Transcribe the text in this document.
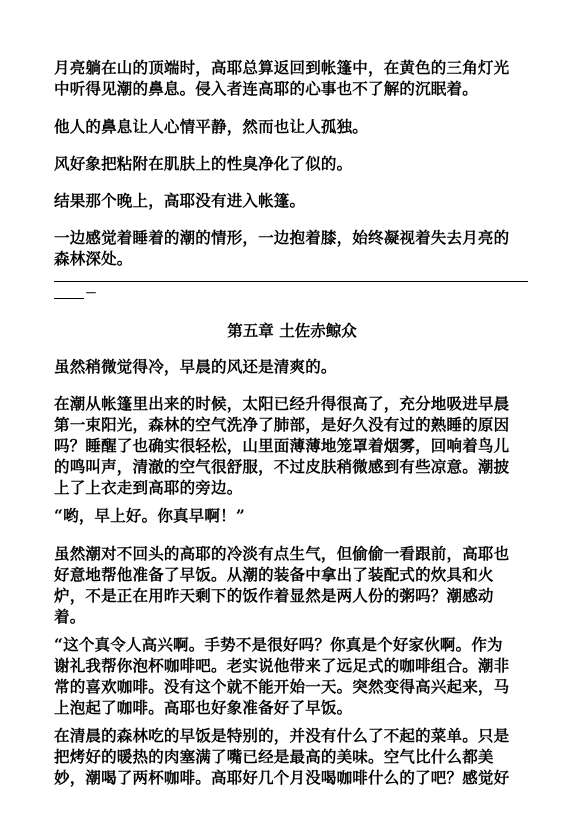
月亮躺在山的顶端时，高耶总算返回到帐篷中，在黄色的三角灯光
中听得见潮的鼻息。侵入者连高耶的心事也不了解的沉眠着。

他人的鼻息让人心情平静，然而也让人孤独。

风好象把粘附在肌肤上的性臭净化了似的。

结果那个晚上，高耶没有进入帐篷。

一边感觉着睡着的潮的情形，一边抱着膝，始终凝视着失去月亮的
森林深处。

－

第五章 土佐赤鲸众

虽然稍微觉得冷，早晨的风还是清爽的。

在潮从帐篷里出来的时候，太阳已经升得很高了，充分地吸进早晨
第一束阳光，森林的空气洗净了肺部，是好久没有过的熟睡的原因
吗？睡醒了也确实很轻松，山里面薄薄地笼罩着烟雾，回响着鸟儿
的鸣叫声，清澈的空气很舒服，不过皮肤稍微感到有些凉意。潮披
上了上衣走到高耶的旁边。

“哟，早上好。你真早啊！”

虽然潮对不回头的高耶的冷淡有点生气，但偷偷一看跟前，高耶也
好意地帮他准备了早饭。从潮的装备中拿出了装配式的炊具和火
炉，不是正在用昨天剩下的饭作着显然是两人份的粥吗？潮感动
着。

“这个真令人高兴啊。手势不是很好吗？你真是个好家伙啊。作为
谢礼我帮你泡杯咖啡吧。老实说他带来了远足式的咖啡组合。潮非
常的喜欢咖啡。没有这个就不能开始一天。突然变得高兴起来，马
上泡起了咖啡。高耶也好象准备好了早饭。

在清晨的森林吃的早饭是特别的，并没有什么了不起的菜单。只是
把烤好的暖热的肉塞满了嘴已经是最高的美味。空气比什么都美
妙，潮喝了两杯咖啡。高耶好几个月没喝咖啡什么的了吧？感觉好
